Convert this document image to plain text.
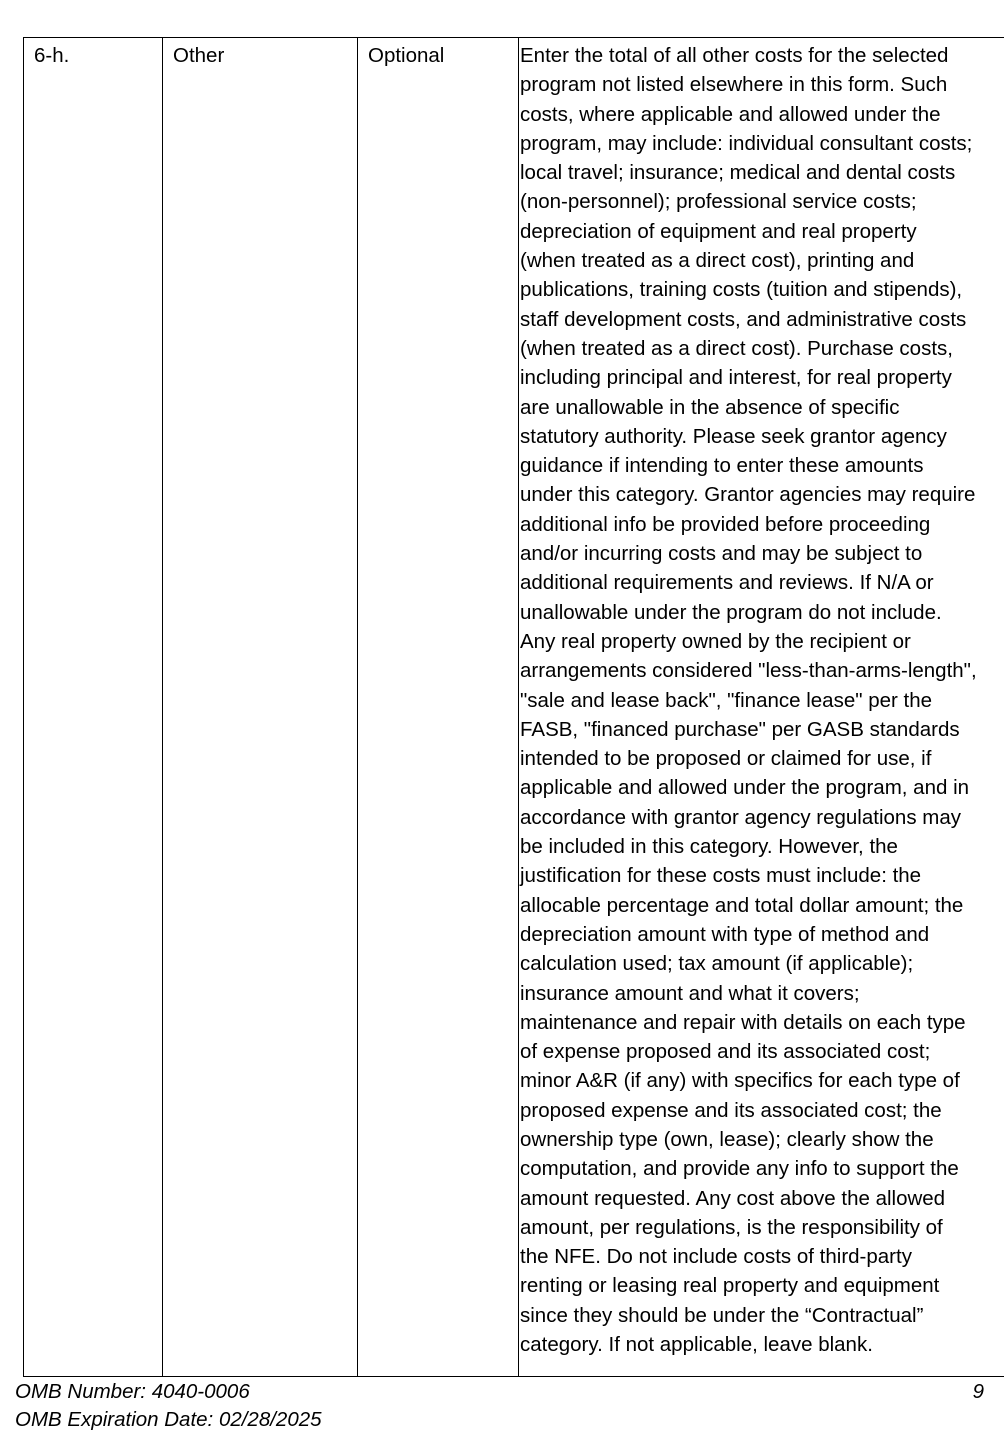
6-h.	Other	Optional	Enter the total of all other costs for the selected
program not listed elsewhere in this form. Such
costs, where applicable and allowed under the
program, may include: individual consultant costs;
local travel; insurance; medical and dental costs
(non-personnel); professional service costs;
depreciation of equipment and real property
(when treated as a direct cost), printing and
publications, training costs (tuition and stipends),
staff development costs, and administrative costs
(when treated as a direct cost). Purchase costs,
including principal and interest, for real property
are unallowable in the absence of specific
statutory authority. Please seek grantor agency
guidance if intending to enter these amounts
under this category. Grantor agencies may require
additional info be provided before proceeding
and/or incurring costs and may be subject to
additional requirements and reviews. If N/A or
unallowable under the program do not include.
Any real property owned by the recipient or
arrangements considered "less-than-arms-length",
"sale and lease back", "finance lease" per the
FASB, "financed purchase" per GASB standards
intended to be proposed or claimed for use, if
applicable and allowed under the program, and in
accordance with grantor agency regulations may
be included in this category. However, the
justification for these costs must include: the
allocable percentage and total dollar amount; the
depreciation amount with type of method and
calculation used; tax amount (if applicable);
insurance amount and what it covers;
maintenance and repair with details on each type
of expense proposed and its associated cost;
minor A&R (if any) with specifics for each type of
proposed expense and its associated cost; the
ownership type (own, lease); clearly show the
computation, and provide any info to support the
amount requested. Any cost above the allowed
amount, per regulations, is the responsibility of
the NFE. Do not include costs of third-party
renting or leasing real property and equipment
since they should be under the “Contractual”
category. If not applicable, leave blank.
OMB Number: 4040-0006
OMB Expiration Date: 02/28/2025
9
